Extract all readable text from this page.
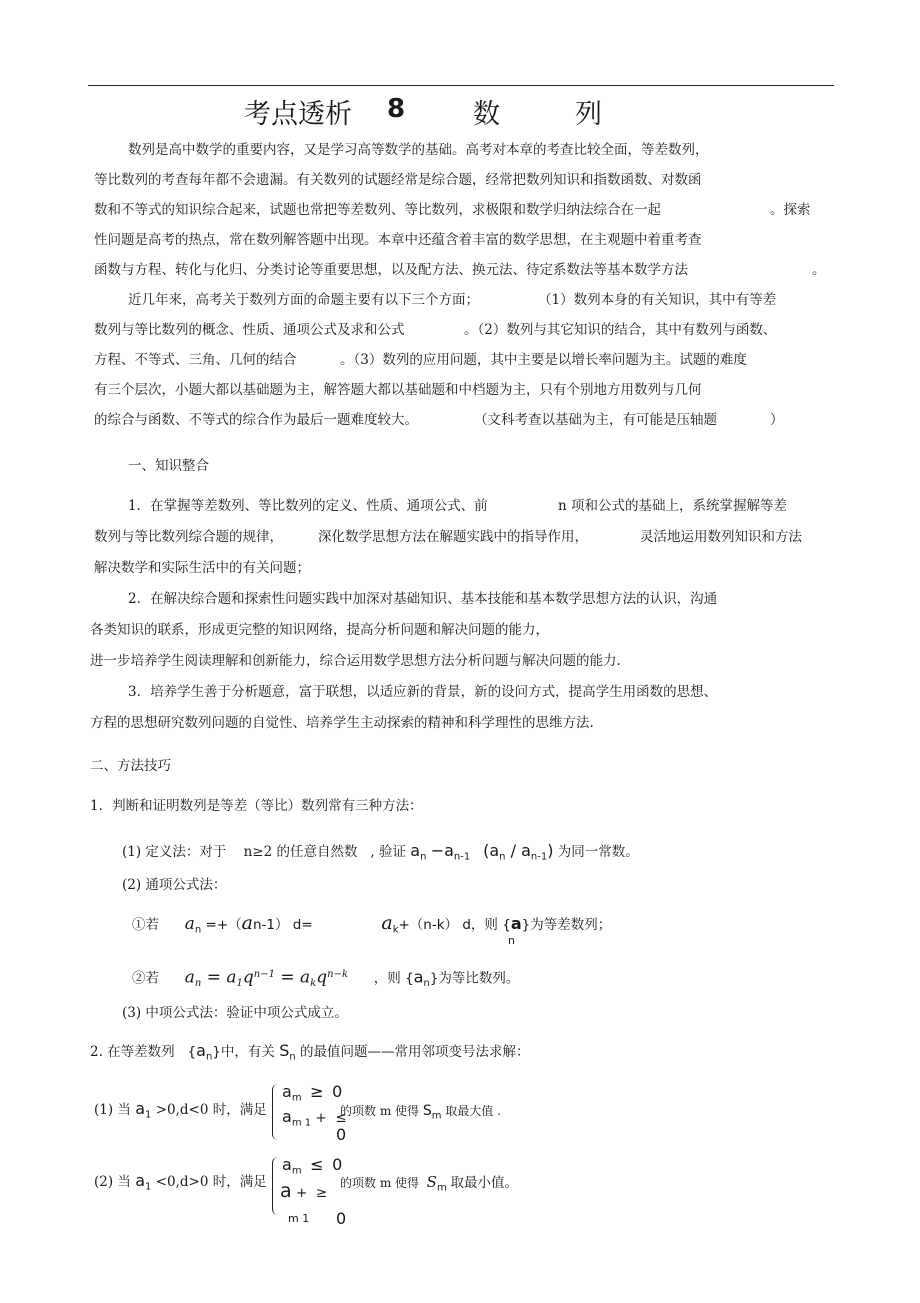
考点透析 8	数	列
数列是高中数学的重要内容，又是学习高等数学的基础。高考对本章的考查比较全面，等差数列，
等比数列的考查每年都不会遗漏。有关数列的试题经常是综合题，经常把数列知识和指数函数、对数函
数和不等式的知识综合起来，试题也常把等差数列、等比数列，求极限和数学归纳法综合在一起	。探索
性问题是高考的热点，常在数列解答题中出现。本章中还蕴含着丰富的数学思想，在主观题中着重考查
函数与方程、转化与化归、分类讨论等重要思想，以及配方法、换元法、待定系数法等基本数学方法	。
近几年来，高考关于数列方面的命题主要有以下三个方面；	（1）数列本身的有关知识，其中有等差
数列与等比数列的概念、性质、通项公式及求和公式	。（2）数列与其它知识的结合，其中有数列与函数、
方程、不等式、三角、几何的结合	。（3）数列的应用问题，其中主要是以增长率问题为主。试题的难度
有三个层次，小题大都以基础题为主，解答题大都以基础题和中档题为主，只有个别地方用数列与几何
的综合与函数、不等式的综合作为最后一题难度较大。	（文科考查以基础为主，有可能是压轴题	）
一、知识整合
1．在掌握等差数列、等比数列的定义、性质、通项公式、前	n 项和公式的基础上，系统掌握解等差
数列与等比数列综合题的规律，	深化数学思想方法在解题实践中的指导作用，	灵活地运用数列知识和方法
解决数学和实际生活中的有关问题；
2．在解决综合题和探索性问题实践中加深对基础知识、基本技能和基本数学思想方法的认识，沟通
各类知识的联系，形成更完整的知识网络，提高分析问题和解决问题的能力，
进一步培养学生阅读理解和创新能力，综合运用数学思想方法分析问题与解决问题的能力.
3．培养学生善于分析题意，富于联想，以适应新的背景，新的设问方式，提高学生用函数的思想、
方程的思想研究数列问题的自觉性、培养学生主动探索的精神和科学理性的思维方法.
二、方法技巧
1．判断和证明数列是等差（等比）数列常有三种方法：
(1) 定义法：对于 n≥2 的任意自然数 , 验证 $a_n -a_{n-1}$ $(a_n / a_{n-1})$ 为同一常数。
(2) 通项公式法：
①若 $a_n =+(an-1)$ d=	$a_k+(n-k)$ d，则 {a}为等差数列；
n
②若 $a_n = a_1q^{n-1} = a_kq^{n-k}$ ，则 $\{a_n\}$为等比数列。
(3) 中项公式法：验证中项公式成立。
2. 在等差数列 $\{a_n\}$中，有关 $S_n$ 的最值问题——常用邻项变号法求解：
(1) 当 $a_1 >0,d<0$ 时，满足
$a_m \ge 0$
$a_{m 1}$ + ≤
0
的项数 m 使得 $S_m$ 取最大值 .
(2) 当 $a_1 <0,d>0$ 时，满足
$a_m \le 0$
a + ≥
m 1 0
的项数 m 使得 $S_m$ 取最小值。
